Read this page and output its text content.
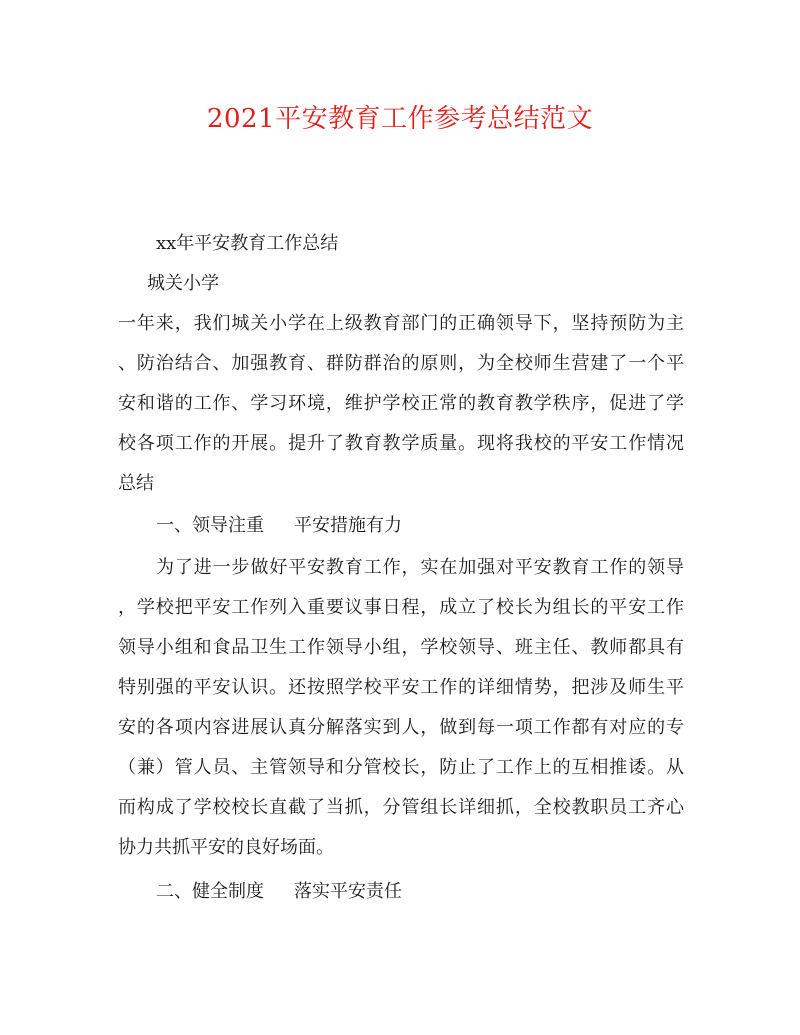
2021平安教育工作参考总结范文

xx年平安教育工作总结

城关小学

一年来，我们城关小学在上级教育部门的正确领导下，坚持预防为主

、防治结合、加强教育、群防群治的原则，为全校师生营建了一个平

安和谐的工作、学习环境，维护学校正常的教育教学秩序，促进了学

校各项工作的开展。提升了教育教学质量。现将我校的平安工作情况

总结

一、领导注重 平安措施有力

为了进一步做好平安教育工作，实在加强对平安教育工作的领导

，学校把平安工作列入重要议事日程，成立了校长为组长的平安工作

领导小组和食品卫生工作领导小组，学校领导、班主任、教师都具有

特别强的平安认识。还按照学校平安工作的详细情势，把涉及师生平

安的各项内容进展认真分解落实到人，做到每一项工作都有对应的专

（兼）管人员、主管领导和分管校长，防止了工作上的互相推诿。从

而构成了学校校长直截了当抓，分管组长详细抓，全校教职员工齐心

协力共抓平安的良好场面。

二、健全制度 落实平安责任
